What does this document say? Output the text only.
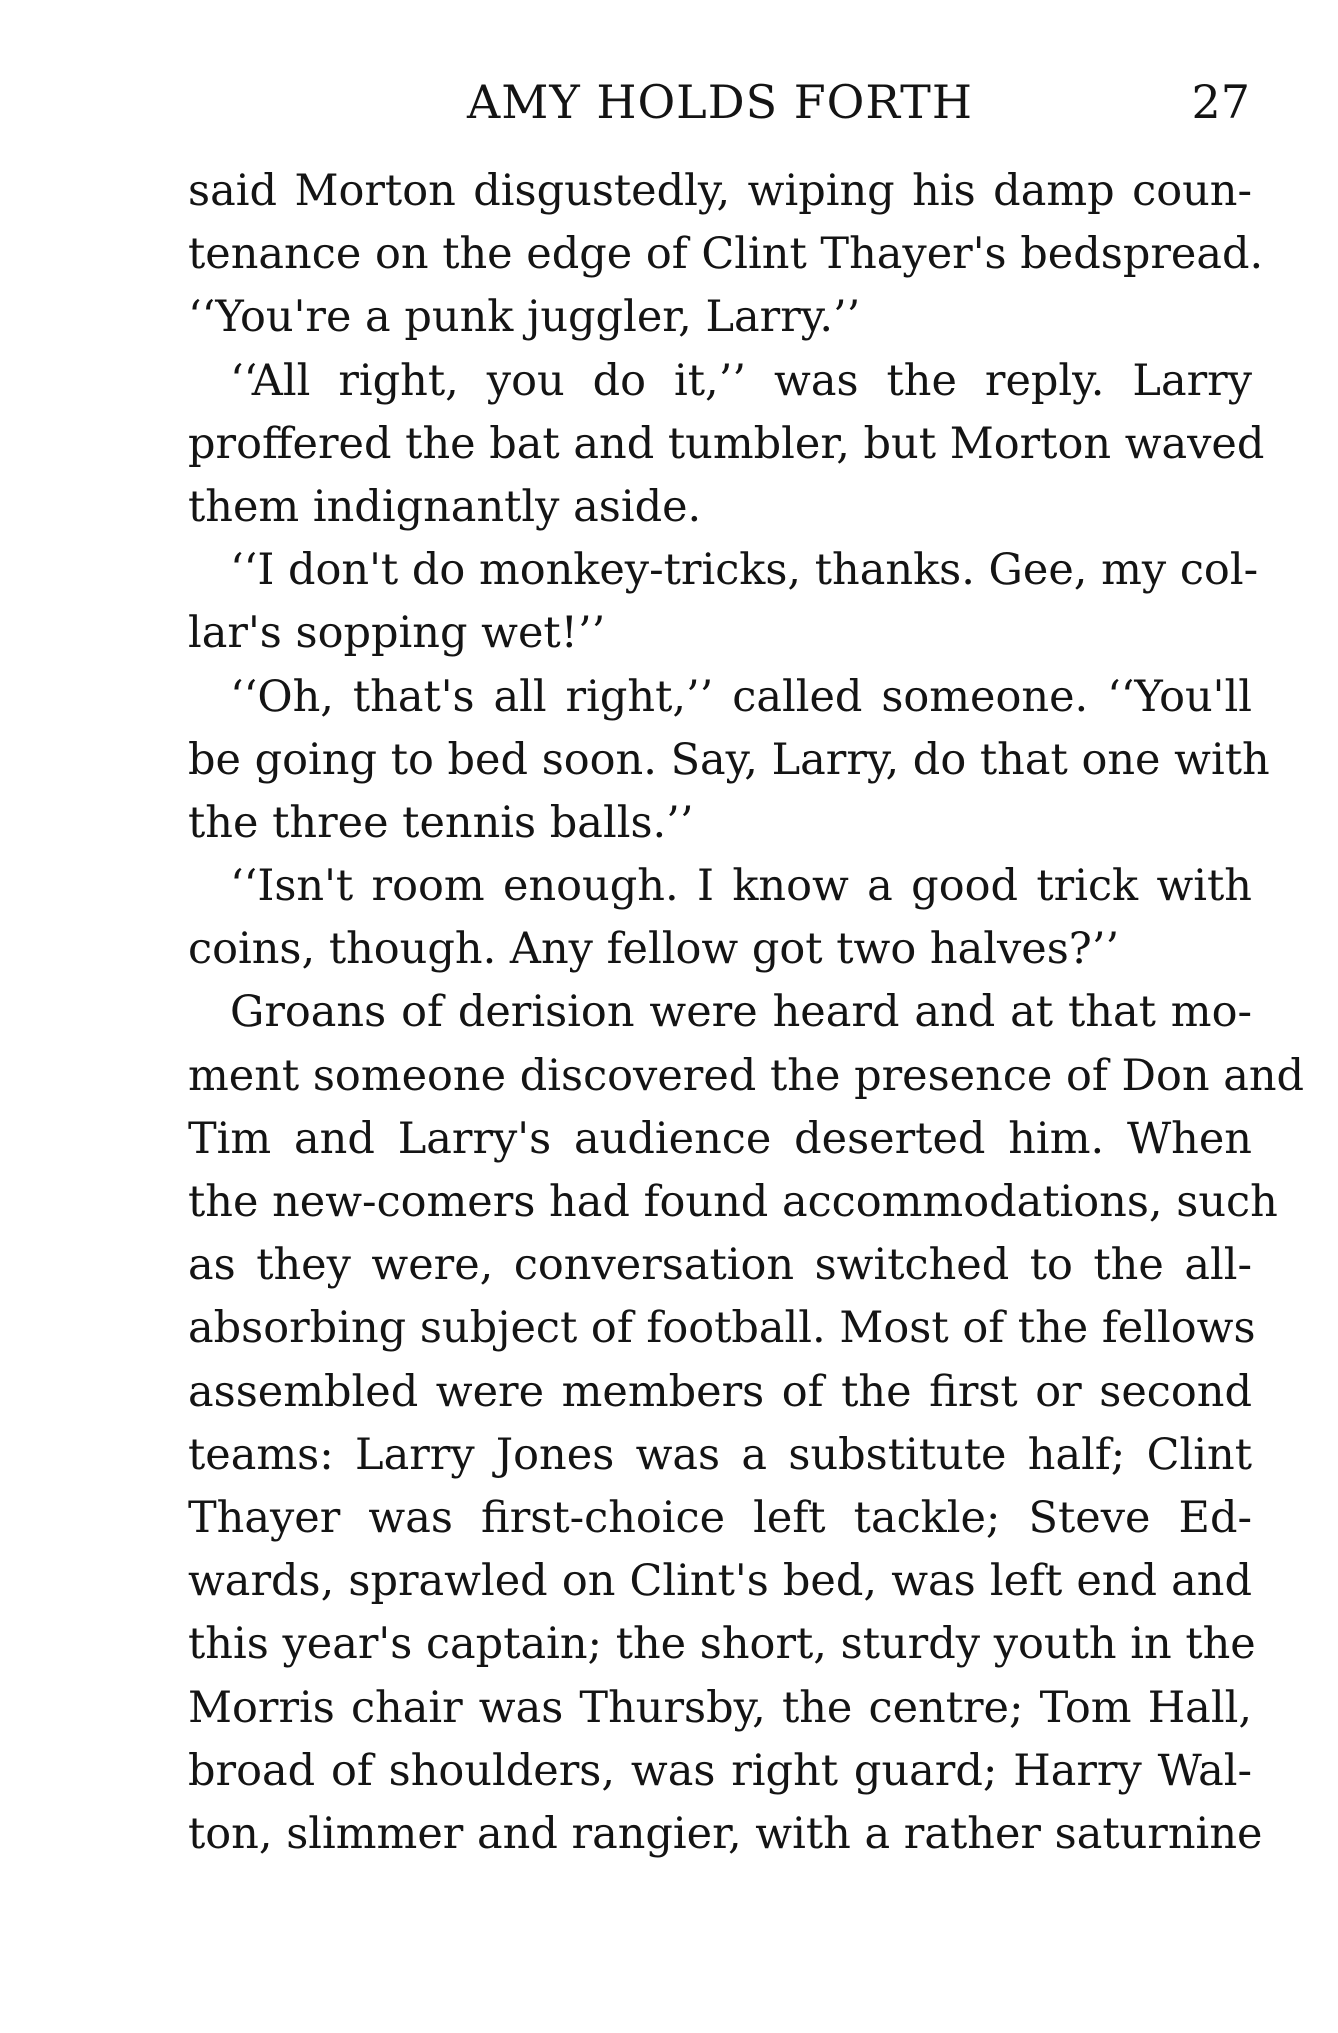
AMY HOLDS FORTH	27
said Morton disgustedly, wiping his damp coun-
tenance on the edge of Clint Thayer's bedspread.
‘‘You're a punk juggler, Larry.’’
‘‘All right, you do it,’’ was the reply. Larry
proffered the bat and tumbler, but Morton waved
them indignantly aside.
‘‘I don't do monkey-tricks, thanks. Gee, my col-
lar's sopping wet!’’
‘‘Oh, that's all right,’’ called someone. ‘‘You'll
be going to bed soon. Say, Larry, do that one with
the three tennis balls.’’
‘‘Isn't room enough. I know a good trick with
coins, though. Any fellow got two halves?’’
Groans of derision were heard and at that mo-
ment someone discovered the presence of Don and
Tim and Larry's audience deserted him. When
the new-comers had found accommodations, such
as they were, conversation switched to the all-
absorbing subject of football. Most of the fellows
assembled were members of the first or second
teams: Larry Jones was a substitute half; Clint
Thayer was first-choice left tackle; Steve Ed-
wards, sprawled on Clint's bed, was left end and
this year's captain; the short, sturdy youth in the
Morris chair was Thursby, the centre; Tom Hall,
broad of shoulders, was right guard; Harry Wal-
ton, slimmer and rangier, with a rather saturnine
